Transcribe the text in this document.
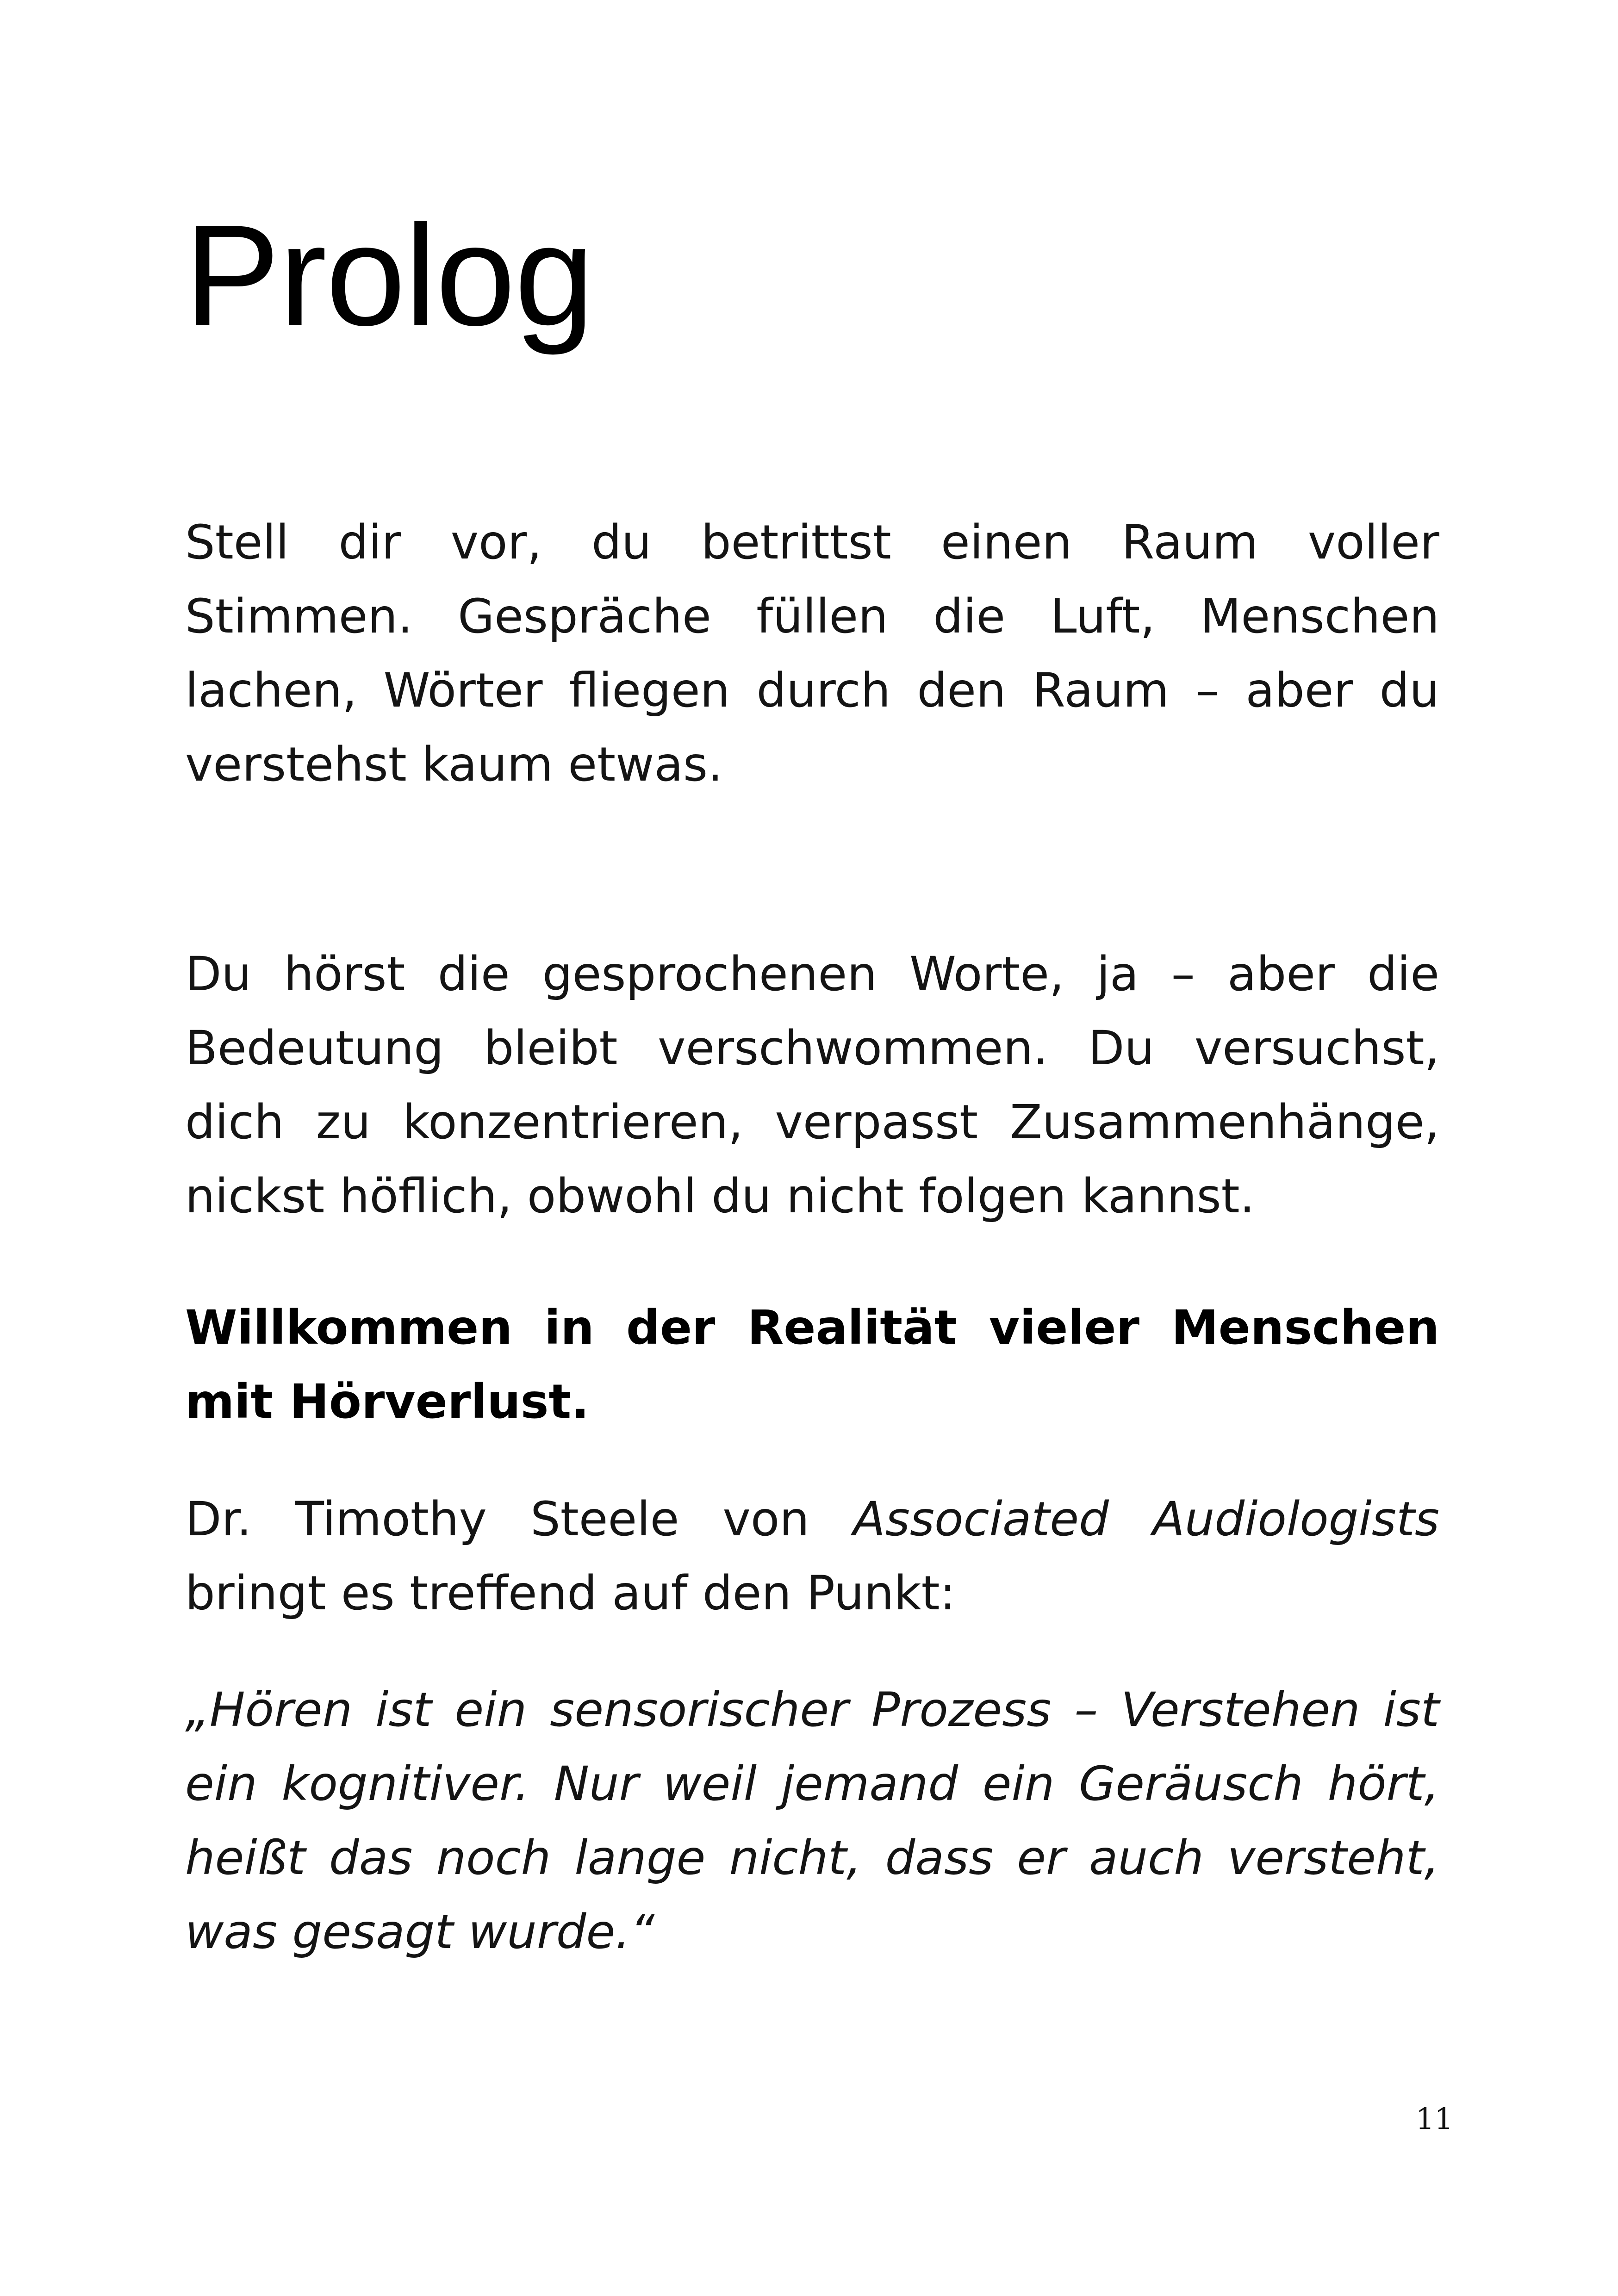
Prolog

Stell dir vor, du betrittst einen Raum voller Stimmen. Gespräche füllen die Luft, Menschen lachen, Wörter fliegen durch den Raum – aber du verstehst kaum etwas.

Du hörst die gesprochenen Worte, ja – aber die Bedeutung bleibt verschwommen. Du versuchst, dich zu konzentrieren, verpasst Zusammenhänge, nickst höflich, obwohl du nicht folgen kannst.

Willkommen in der Realität vieler Menschen mit Hörverlust.

Dr. Timothy Steele von Associated Audiologists bringt es treffend auf den Punkt:

„Hören ist ein sensorischer Prozess – Verstehen ist ein kognitiver. Nur weil jemand ein Geräusch hört, heißt das noch lange nicht, dass er auch versteht, was gesagt wurde.“

11
